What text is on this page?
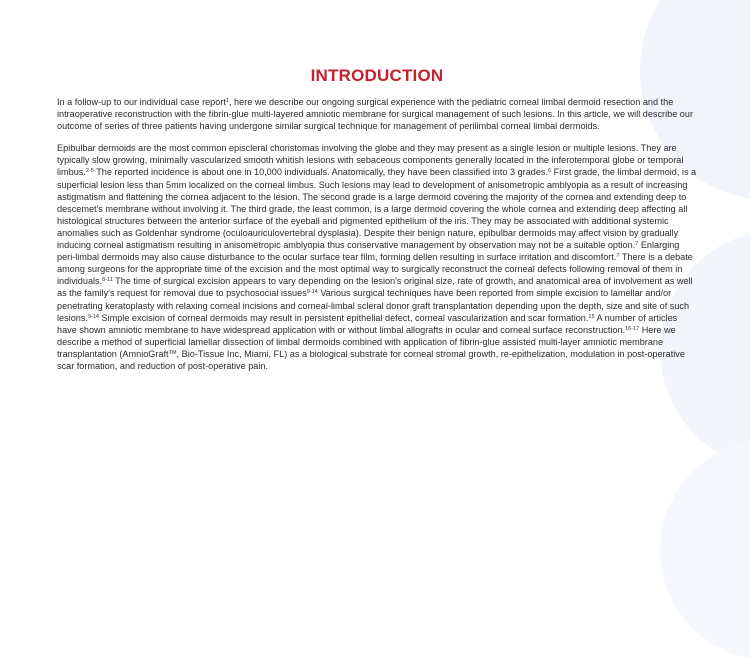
INTRODUCTION

In a follow-up to our individual case report$^1$, here we describe our ongoing surgical experience with the pediatric corneal limbal dermoid resection and the intraoperative reconstruction with the fibrin-glue multi-layered amniotic membrane for surgical management of such lesions. In this article, we will describe our outcome of series of three patients having undergone similar surgical technique for management of perilimbal corneal limbal dermoids.

Epibulbar dermoids are the most common episcleral choristomas involving the globe and they may present as a single lesion or multiple lesions. They are typically slow growing, minimally vascularized smooth whitish lesions with sebaceous components generally located in the inferotemporal globe or temporal limbus.$^{2-5}$ The reported incidence is about one in 10,000 individuals. Anatomically, they have been classified into 3 grades.$^6$ First grade, the limbal dermoid, is a superficial lesion less than 5mm localized on the corneal limbus. Such lesions may lead to development of anisometropic amblyopia as a result of increasing astigmatism and flattening the cornea adjacent to the lesion. The second grade is a large dermoid covering the majority of the cornea and extending deep to descemet's membrane without involving it. The third grade, the least common, is a large dermoid covering the whole cornea and extending deep affecting all histological structures between the anterior surface of the eyeball and pigmented epithelium of the iris. They may be associated with additional systemic anomalies such as Goldenhar syndrome (oculoauriculovertebral dysplasia). Despite their benign nature, epibulbar dermoids may affect vision by gradually inducing corneal astigmatism resulting in anisometropic amblyopia thus conservative management by observation may not be a suitable option.$^7$ Enlarging peri-limbal dermoids may also cause disturbance to the ocular surface tear film, forming dellen resulting in surface irritation and discomfort.$^7$ There is a debate among surgeons for the appropriate time of the excision and the most optimal way to surgically reconstruct the corneal defects following removal of them in individuals.$^{8-11}$ The time of surgical excision appears to vary depending on the lesion's original size, rate of growth, and anatomical area of involvement as well as the family's request for removal due to psychosocial issues$^{9-14}$ Various surgical techniques have been reported from simple excision to lamellar and/or penetrating keratoplasty with relaxing corneal incisions and corneal-limbal scleral donor graft transplantation depending upon the depth, size and site of such lesions.$^{9-14}$ Simple excision of corneal dermoids may result in persistent epithelial defect, corneal vascularization and scar formation.$^{15}$ A number of articles have shown amniotic membrane to have widespread application with or without limbal allografts in ocular and corneal surface reconstruction.$^{16-17}$ Here we describe a method of superficial lamellar dissection of limbal dermoids combined with application of fibrin-glue assisted multi-layer amniotic membrane transplantation (AmnioGraft™, Bio-Tissue Inc, Miami, FL) as a biological substrate for corneal stromal growth, re-epithelization, modulation in post-operative scar formation, and reduction of post-operative pain.
